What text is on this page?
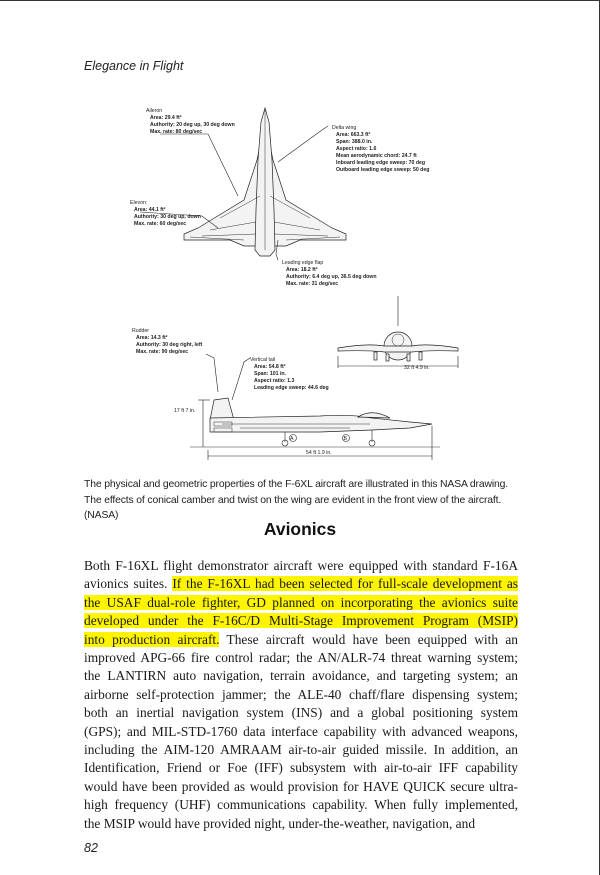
Elegance in Flight
Aileron
Area: 29.4 ft²
Authority: 20 deg up, 30 deg down
Max. rate: 80 deg/sec
Delta wing
Area: 663.3 ft²
Span: 388.0 in.
Aspect ratio: 1.6
Mean aerodynamic chord: 24.7 ft
Inboard leading edge sweep: 70 deg
Outboard leading edge sweep: 50 deg
Elevon:
Area: 44.1 ft²
Authority: 30 deg up, down
Max. rate: 60 deg/sec
Leading edge flap
Area: 18.2 ft²
Authority: 6.4 deg up, 36.5 deg down
Max. rate: 31 deg/sec
32 ft 4.9 in.
Rudder
Area: 14.3 ft²
Authority: 30 deg right, left
Max. rate: 90 deg/sec
Vertical tail
Area: 54.8 ft²
Span: 101 in.
Aspect ratio: 1.3
Leading edge sweep: 44.6 deg
A	B
17 ft 7 in.
54 ft 1.9 in.
The physical and geometric properties of the F-6XL aircraft are illustrated in this NASA drawing. The effects of conical camber and twist on the wing are evident in the front view of the aircraft. (NASA)
Avionics

Both F-16XL flight demonstrator aircraft were equipped with standard F-16A
avionics suites. If the F-16XL had been selected for full-scale development as
the USAF dual-role fighter, GD planned on incorporating the avionics suite
developed under the F-16C/D Multi-Stage Improvement Program (MSIP)
into production aircraft. These aircraft would have been equipped with an
improved APG-66 fire control radar; the AN/ALR-74 threat warning system;
the LANTIRN auto navigation, terrain avoidance, and targeting system; an
airborne self-protection jammer; the ALE-40 chaff/flare dispensing system;
both an inertial navigation system (INS) and a global positioning system
(GPS); and MIL-STD-1760 data interface capability with advanced weapons,
including the AIM-120 AMRAAM air-to-air guided missile. In addition, an
Identification, Friend or Foe (IFF) subsystem with air-to-air IFF capability
would have been provided as would provision for HAVE QUICK secure ultra-
high frequency (UHF) communications capability. When fully implemented,
the MSIP would have provided night, under-the-weather, navigation, and

82
